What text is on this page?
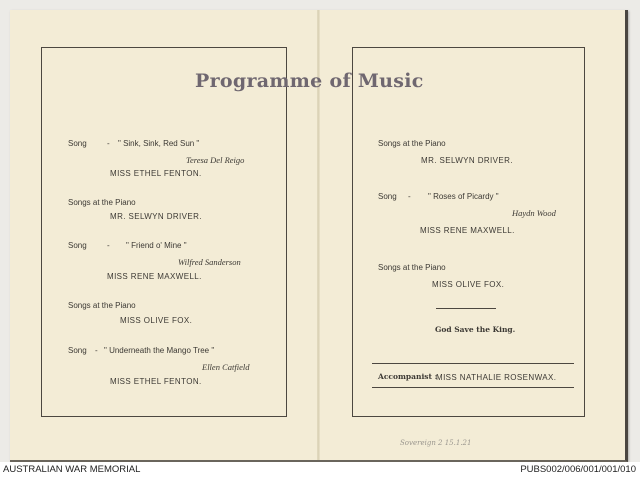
Programme of Music
Song	- " Sink, Sink, Red Sun "
Teresa Del Reigo
MISS ETHEL FENTON.
Songs at the Piano
MR. SELWYN DRIVER.
Song	- " Friend o' Mine "
Wilfred Sanderson
MISS RENE MAXWELL.
Songs at the Piano
MISS OLIVE FOX.
Song - " Underneath the Mango Tree "
Ellen Catfield
MISS ETHEL FENTON.
Songs at the Piano
MR. SELWYN DRIVER.
Song - " Roses of Picardy "
Haydn Wood
MISS RENE MAXWELL.
Songs at the Piano
MISS OLIVE FOX.
God Save the King.
Accompanist :
MISS NATHALIE ROSENWAX.
Sovereign 2 15.1.21
AUSTRALIAN WAR MEMORIAL	PUBS002/006/001/001/010
